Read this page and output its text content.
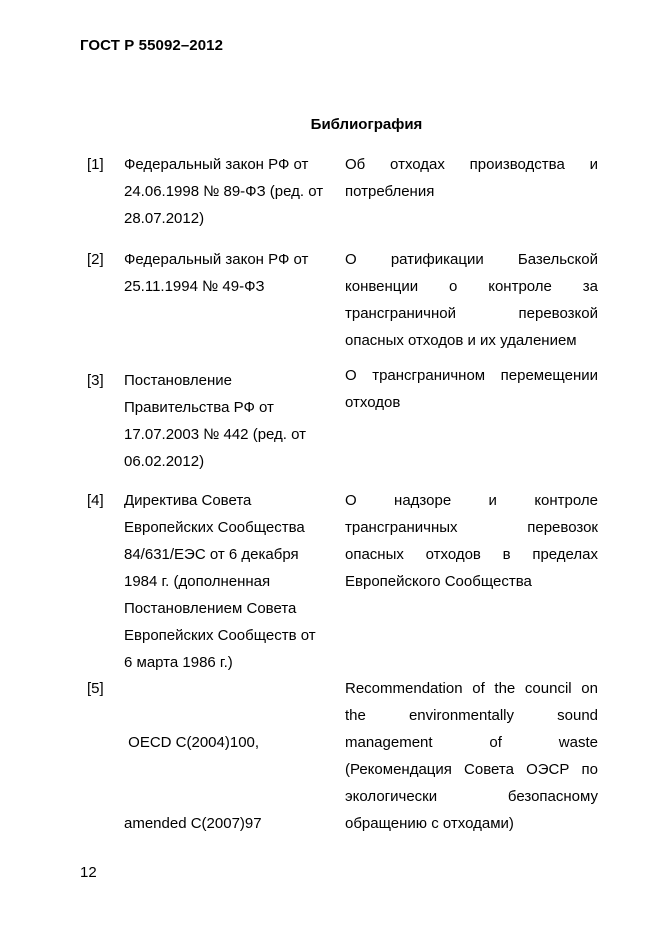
ГОСТ Р 55092–2012
Библиография
[1] Федеральный закон РФ от
24.06.1998 № 89-ФЗ (ред. от
28.07.2012)
Об отходах производства и
потребления
[2] Федеральный закон РФ от
25.11.1994 № 49-ФЗ
О ратификации Базельской
конвенции о контроле за
трансграничной перевозкой
опасных отходов и их удалением
[3] Постановление
Правительства РФ от
17.07.2003 № 442 (ред. от
06.02.2012)
О трансграничном перемещении
отходов
[4] Директива Совета
Европейских Сообщества
84/631/ЕЭС от 6 декабря
1984 г. (дополненная
Постановлением Совета
Европейских Сообществ от
6 марта 1986 г.)
О надзоре и контроле
трансграничных перевозок
опасных отходов в пределах
Европейского Сообщества
[5]

OECD C(2004)100,

amended C(2007)97

Recommendation of the council on
the environmentally sound
management of waste
(Рекомендация Совета ОЭСР по
экологически безопасному
обращению с отходами)
12
